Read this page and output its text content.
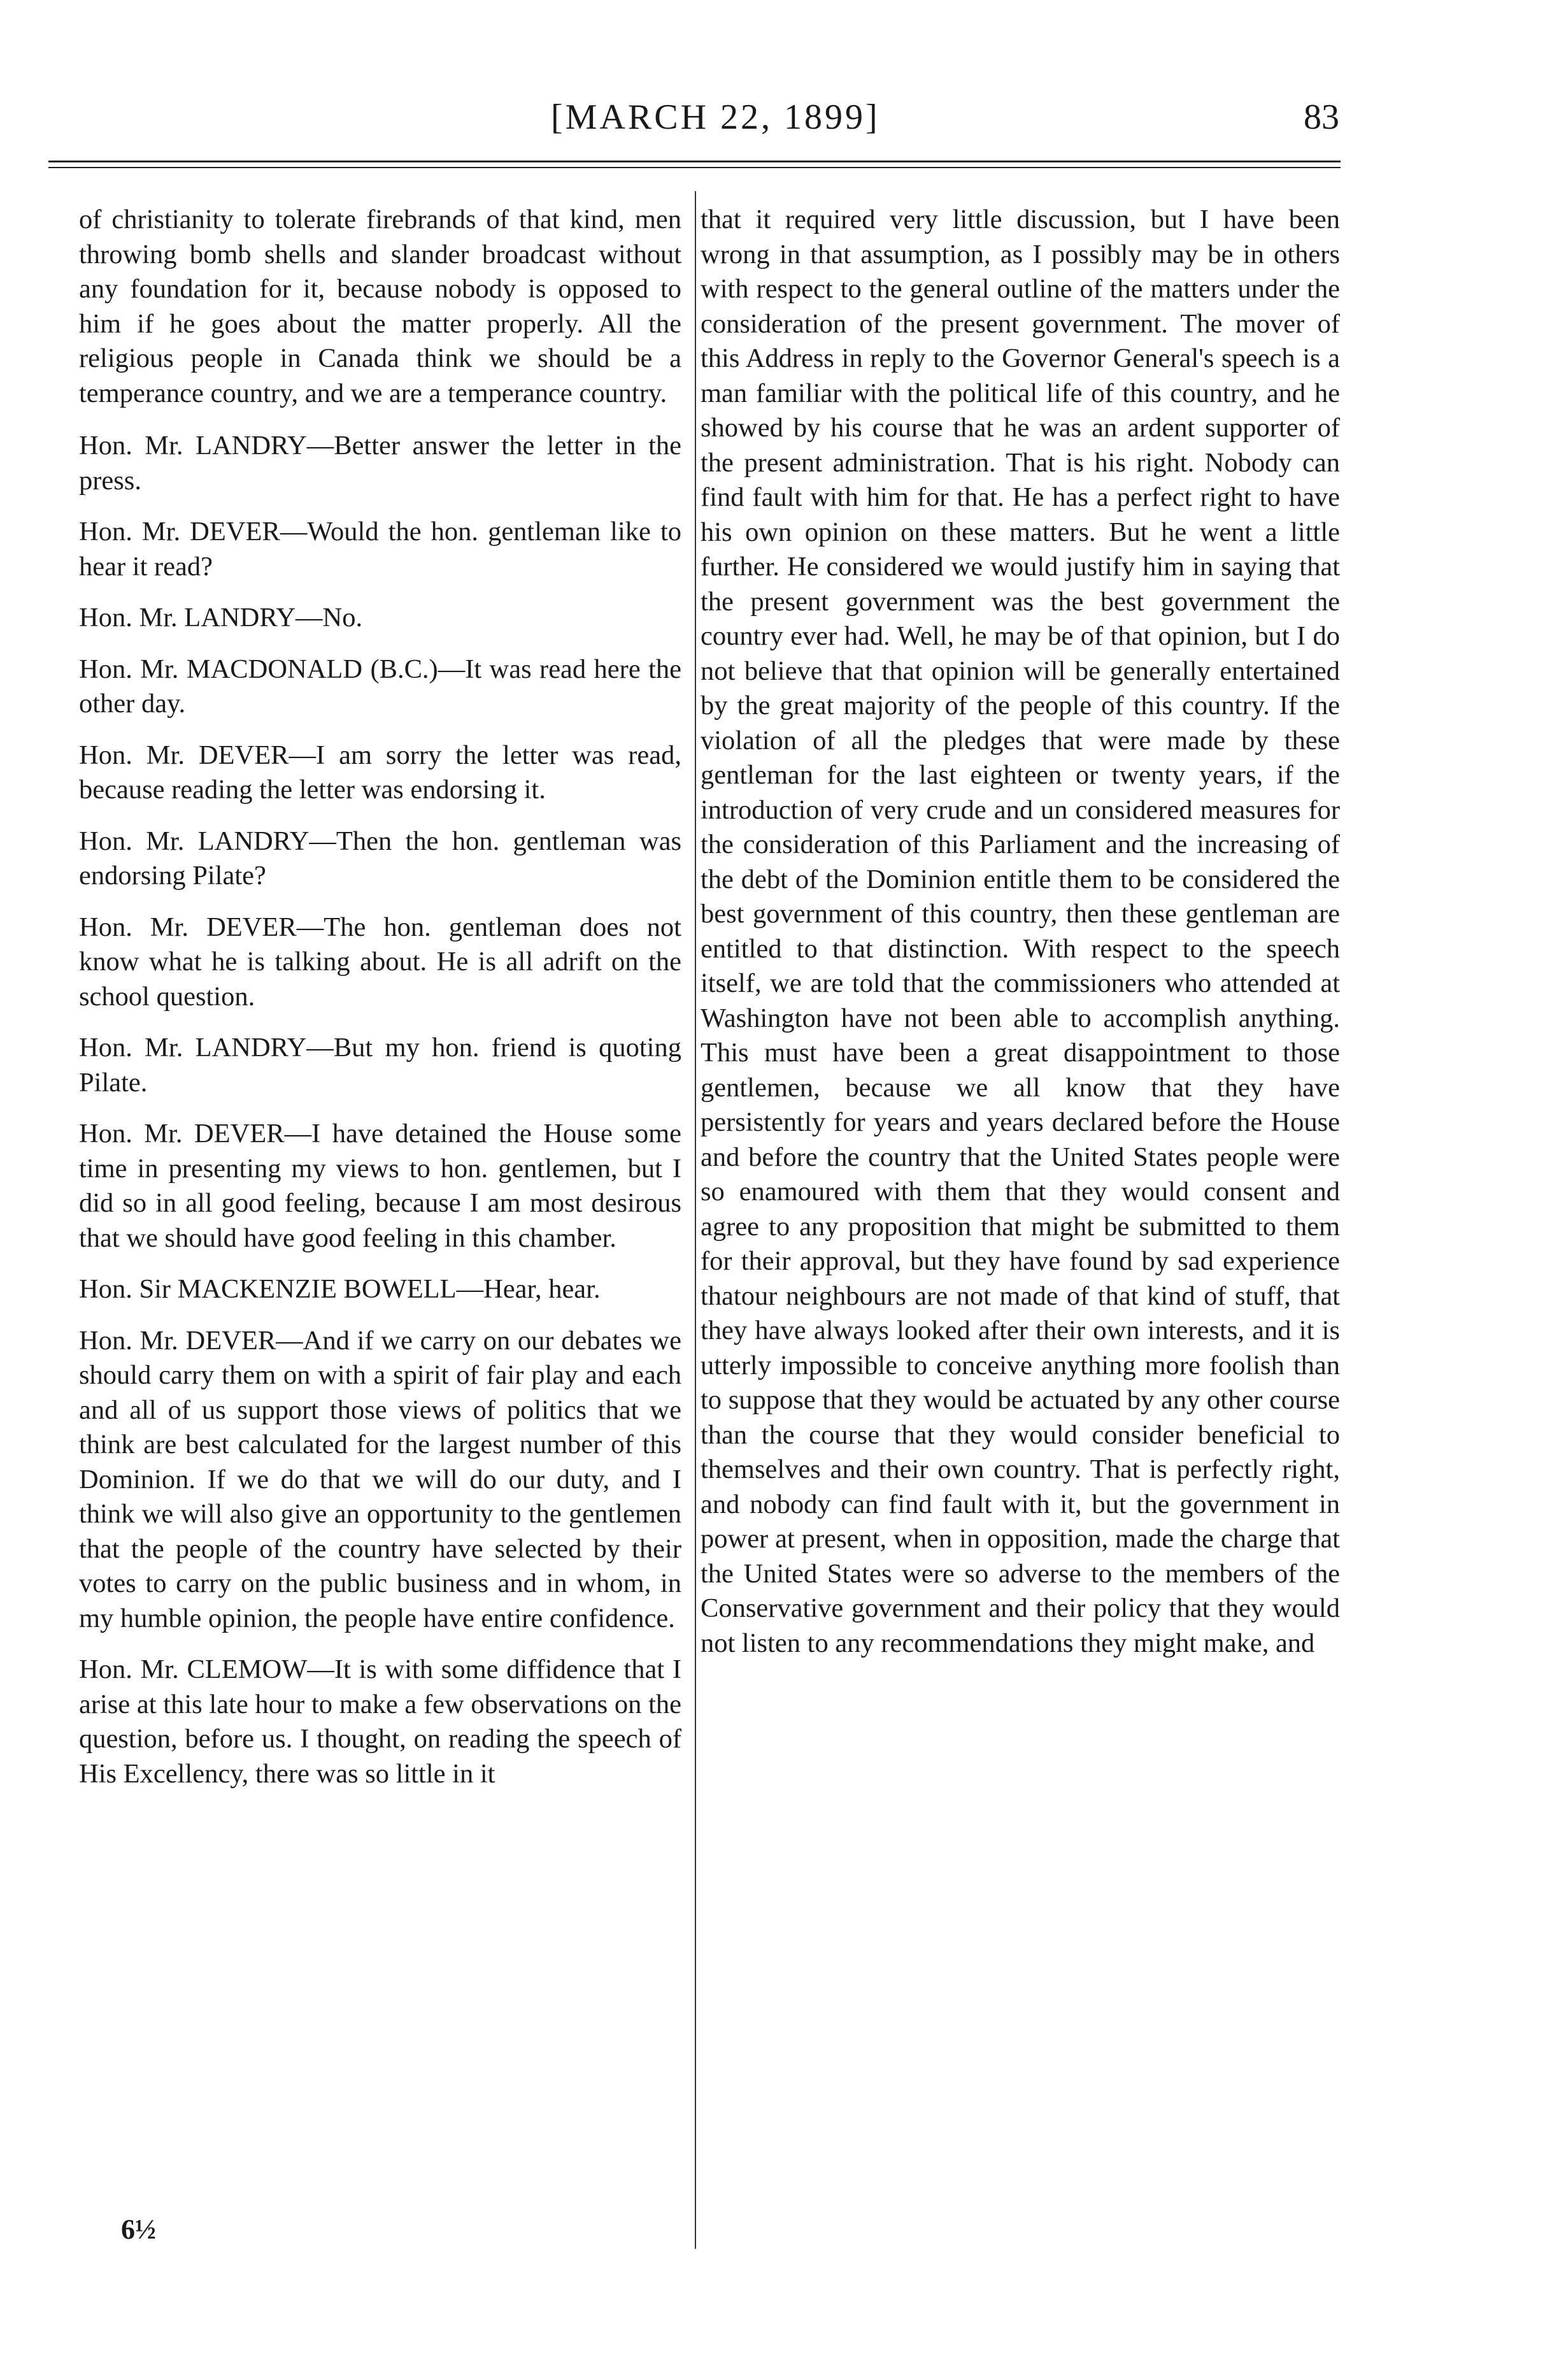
[MARCH 22, 1899]	83

of christianity to tolerate firebrands of that kind, men throwing bomb shells and slander broadcast without any foundation for it, because nobody is opposed to him if he goes about the matter properly. All the religious people in Canada think we should be a temperance country, and we are a temperance country.

Hon. Mr. LANDRY—Better answer the letter in the press.

Hon. Mr. DEVER—Would the hon. gentleman like to hear it read?

Hon. Mr. LANDRY—No.

Hon. Mr. MACDONALD (B.C.)—It was read here the other day.

Hon. Mr. DEVER—I am sorry the letter was read, because reading the letter was endorsing it.

Hon. Mr. LANDRY—Then the hon. gentleman was endorsing Pilate?

Hon. Mr. DEVER—The hon. gentleman does not know what he is talking about. He is all adrift on the school question.

Hon. Mr. LANDRY—But my hon. friend is quoting Pilate.

Hon. Mr. DEVER—I have detained the House some time in presenting my views to hon. gentlemen, but I did so in all good feeling, because I am most desirous that we should have good feeling in this chamber.

Hon. Sir MACKENZIE BOWELL—Hear, hear.

Hon. Mr. DEVER—And if we carry on our debates we should carry them on with a spirit of fair play and each and all of us support those views of politics that we think are best calculated for the largest number of this Dominion. If we do that we will do our duty, and I think we will also give an opportunity to the gentlemen that the people of the country have selected by their votes to carry on the public business and in whom, in my humble opinion, the people have entire confidence.

Hon. Mr. CLEMOW—It is with some diffidence that I arise at this late hour to make a few observations on the question, before us. I thought, on reading the speech of His Excellency, there was so little in it

that it required very little discussion, but I have been wrong in that assumption, as I possibly may be in others with respect to the general outline of the matters under the consideration of the present government. The mover of this Address in reply to the Governor General's speech is a man familiar with the political life of this country, and he showed by his course that he was an ardent supporter of the present administration. That is his right. Nobody can find fault with him for that. He has a perfect right to have his own opinion on these matters. But he went a little further. He considered we would justify him in saying that the present government was the best government the country ever had. Well, he may be of that opinion, but I do not believe that that opinion will be generally entertained by the great majority of the people of this country. If the violation of all the pledges that were made by these gentleman for the last eighteen or twenty years, if the introduction of very crude and un considered measures for the consideration of this Parliament and the increasing of the debt of the Dominion entitle them to be considered the best government of this country, then these gentleman are entitled to that distinction. With respect to the speech itself, we are told that the commissioners who attended at Washington have not been able to accomplish anything. This must have been a great disappointment to those gentlemen, because we all know that they have persistently for years and years declared before the House and before the country that the United States people were so enamoured with them that they would consent and agree to any proposition that might be submitted to them for their approval, but they have found by sad experience thatour neighbours are not made of that kind of stuff, that they have always looked after their own interests, and it is utterly impossible to conceive anything more foolish than to suppose that they would be actuated by any other course than the course that they would consider beneficial to themselves and their own country. That is perfectly right, and nobody can find fault with it, but the government in power at present, when in opposition, made the charge that the United States were so adverse to the members of the Conservative government and their policy that they would not listen to any recommendations they might make, and

6½
